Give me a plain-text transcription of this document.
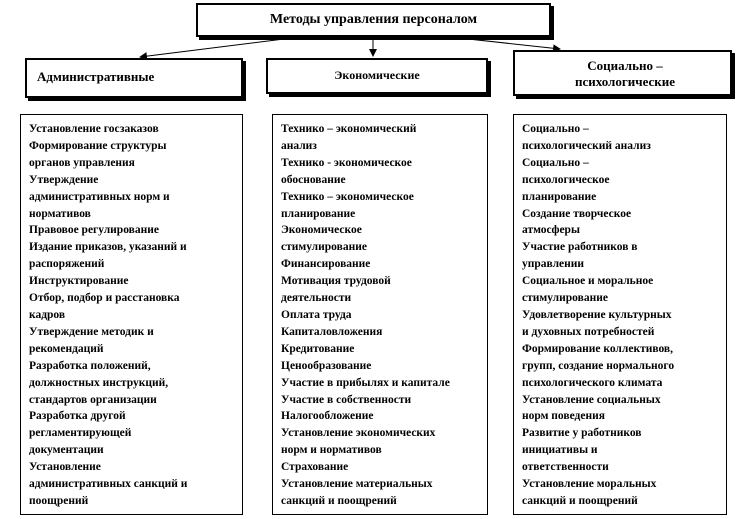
Методы управления персоналом
Административные	Экономические
Социально –
психологические
Установление госзаказов
Формирование структуры
органов управления
Утверждение
административных норм и
нормативов
Правовое регулирование
Издание приказов, указаний и
распоряжений
Инструктирование
Отбор, подбор и расстановка
кадров
Утверждение методик и
рекомендаций
Разработка положений,
должностных инструкций,
стандартов организации
Разработка другой
регламентирующей
документации
Установление
административных санкций и
поощрений
Технико – экономический
анализ
Технико - экономическое
обоснование
Технико – экономическое
планирование
Экономическое
стимулирование
Финансирование
Мотивация трудовой
деятельности
Оплата труда
Капиталовложения
Кредитование
Ценообразование
Участие в прибылях и капитале
Участие в собственности
Налогообложение
Установление экономических
норм и нормативов
Страхование
Установление материальных
санкций и поощрений
Социально –
психологический анализ
Социально –
психологическое
планирование
Создание творческое
атмосферы
Участие работников в
управлении
Социальное и моральное
стимулирование
Удовлетворение культурных
и духовных потребностей
Формирование коллективов,
групп, создание нормального
психологического климата
Установление социальных
норм поведения
Развитие у работников
инициативы и
ответственности
Установление моральных
санкций и поощрений
